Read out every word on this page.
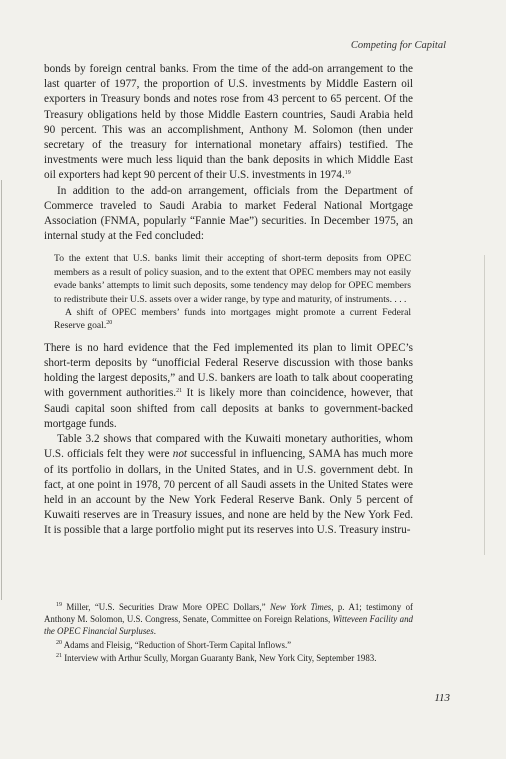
Competing for Capital

bonds by foreign central banks. From the time of the add-on arrangement to the last quarter of 1977, the proportion of U.S. investments by Middle Eastern oil exporters in Treasury bonds and notes rose from 43 percent to 65 percent. Of the Treasury obligations held by those Middle Eastern countries, Saudi Arabia held 90 percent. This was an accomplishment, Anthony M. Solomon (then under secretary of the treasury for international monetary affairs) testified. The investments were much less liquid than the bank deposits in which Middle East oil exporters had kept 90 percent of their U.S. investments in 1974.19

In addition to the add-on arrangement, officials from the Department of Commerce traveled to Saudi Arabia to market Federal National Mortgage Association (FNMA, popularly “Fannie Mae”) securities. In December 1975, an internal study at the Fed concluded:

To the extent that U.S. banks limit their accepting of short-term deposits from OPEC members as a result of policy suasion, and to the extent that OPEC members may not easily evade banks’ attempts to limit such deposits, some tendency may delop for OPEC members to redistribute their U.S. assets over a wider range, by type and maturity, of instruments. . . .

A shift of OPEC members’ funds into mortgages might promote a current Federal Reserve goal.$^{20}$

There is no hard evidence that the Fed implemented its plan to limit OPEC’s short-term deposits by “unofficial Federal Reserve discussion with those banks holding the largest deposits,” and U.S. bankers are loath to talk about cooperating with government authorities.$^{21}$ It is likely more than coincidence, however, that Saudi capital soon shifted from call deposits at banks to government-backed mortgage funds.

Table 3.2 shows that compared with the Kuwaiti monetary authorities, whom U.S. officials felt they were not successful in influencing, SAMA has much more of its portfolio in dollars, in the United States, and in U.S. government debt. In fact, at one point in 1978, 70 percent of all Saudi assets in the United States were held in an account by the New York Federal Reserve Bank. Only 5 percent of Kuwaiti reserves are in Treasury issues, and none are held by the New York Fed. It is possible that a large portfolio might put its reserves into U.S. Treasury instru-

$^{19}$ Miller, “U.S. Securities Draw More OPEC Dollars,” New York Times, p. A1; testimony of Anthony M. Solomon, U.S. Congress, Senate, Committee on Foreign Relations, Witteveen Facility and the OPEC Financial Surpluses.

$^{20}$ Adams and Fleisig, “Reduction of Short-Term Capital Inflows.”

$^{21}$ Interview with Arthur Scully, Morgan Guaranty Bank, New York City, September 1983.

113
